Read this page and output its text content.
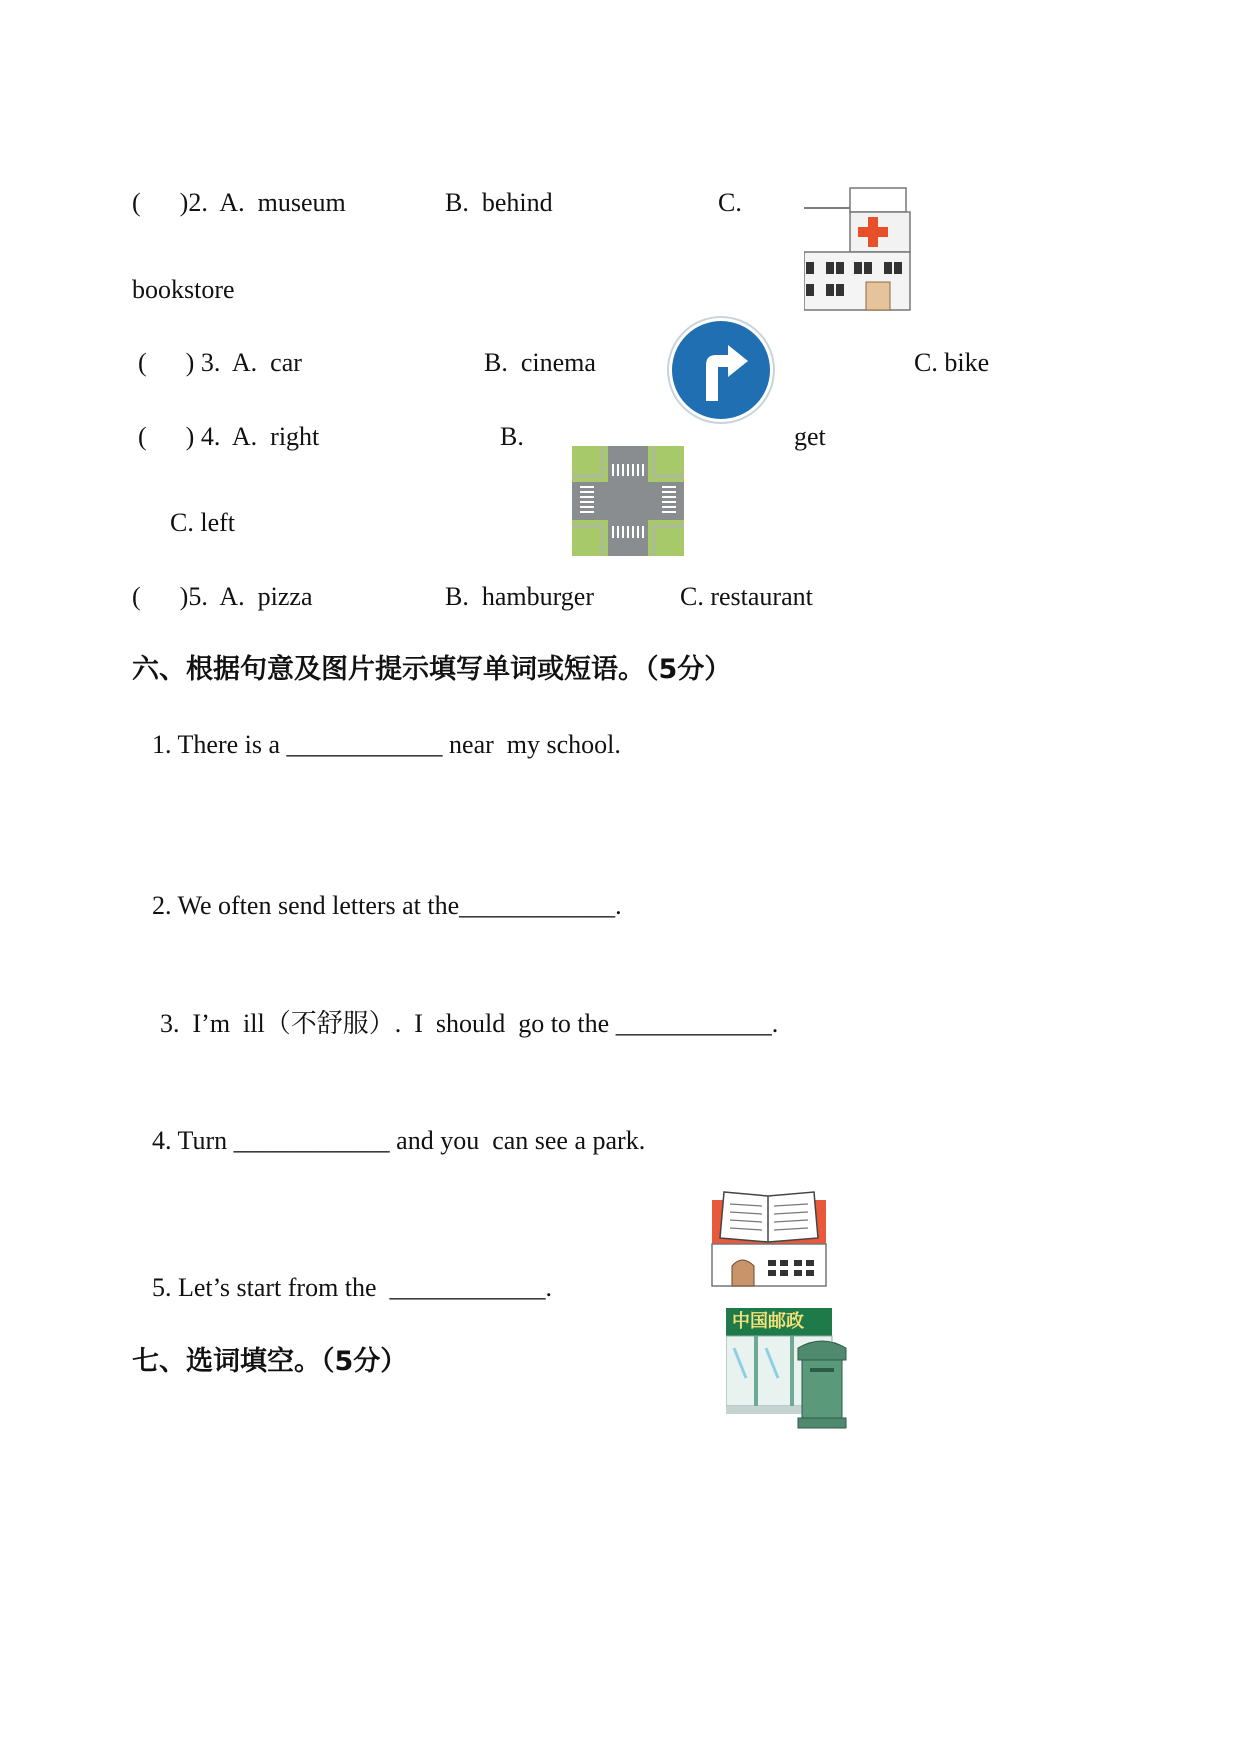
(      )2.  A.  museum	B.  behind	C.
bookstore
(      ) 3.  A.  car	B.  cinema	C. bike
(      ) 4.  A.  right	B.	get
C. left
(      )5.  A.  pizza	B.  hamburger	C. restaurant
六、根据句意及图片提示填写单词或短语。（5分）
1. There is a ____________ near  my school.
2. We often send letters at the____________.
3.  I’m  ill（不舒服）.  I  should  go to the ____________.
4. Turn ____________ and you  can see a park.
5. Let’s start from the  ____________.
中国邮政
七、选词填空。（5分）
